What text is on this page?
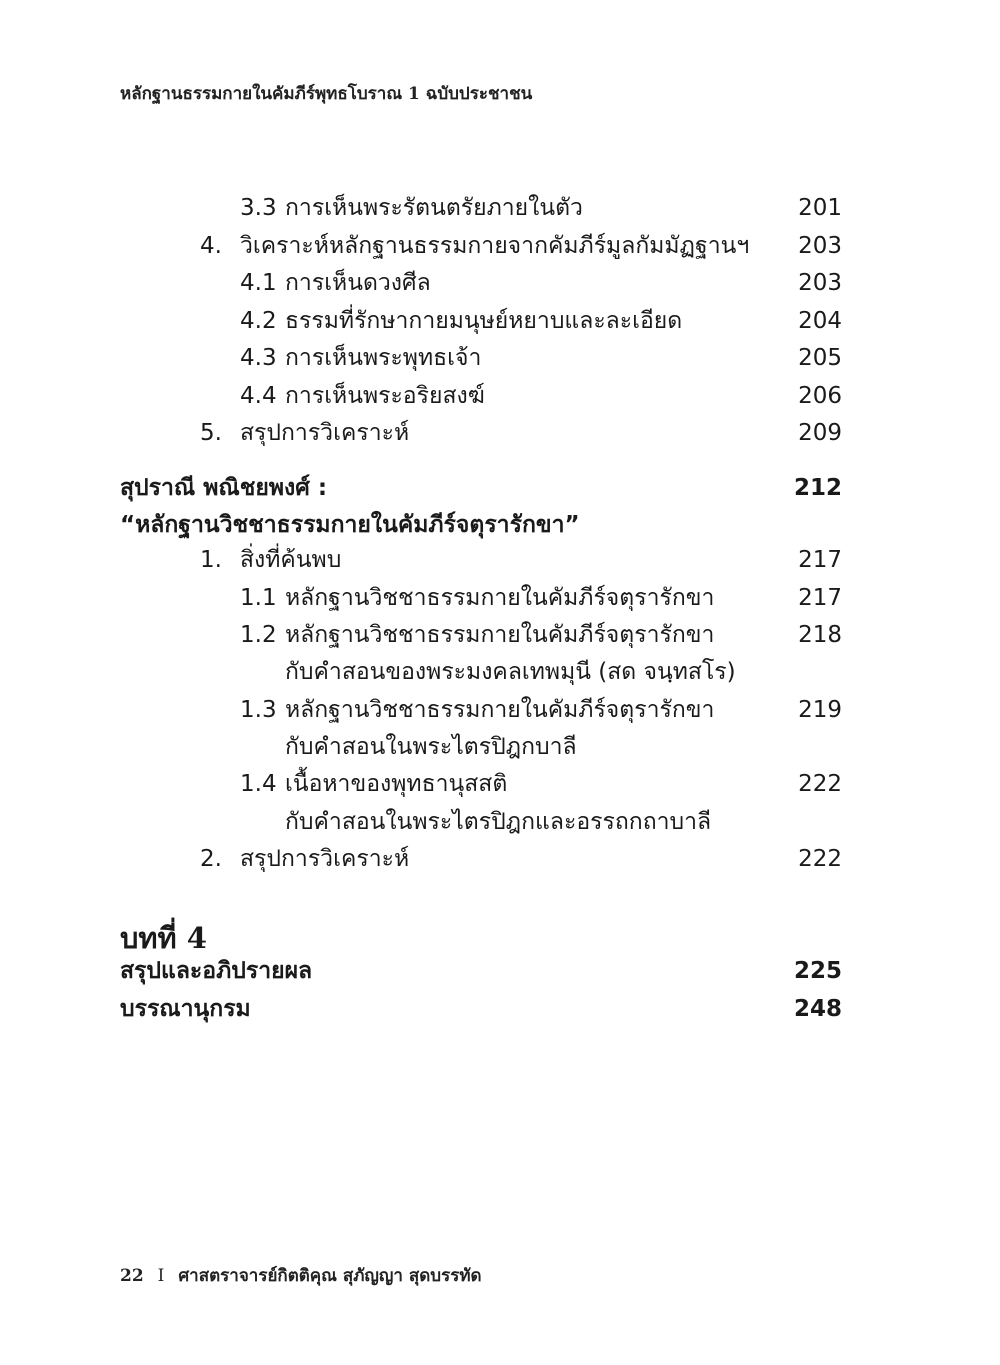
หลักฐานธรรมกายในคัมภีร์พุทธโบราณ 1 ฉบับประชาชน
3.3 การเห็นพระรัตนตรัยภายในตัว	201
4. วิเคราะห์หลักฐานธรรมกายจากคัมภีร์มูลกัมมัฏฐานฯ 203
4.1 การเห็นดวงศีล	203
4.2 ธรรมที่รักษากายมนุษย์หยาบและละเอียด	204
4.3 การเห็นพระพุทธเจ้า	205
4.4 การเห็นพระอริยสงฆ์	206
5. สรุปการวิเคราะห์	209
สุปราณี พณิชยพงศ์ :	212
“หลักฐานวิชชาธรรมกายในคัมภีร์จตุรารักขา”
1. สิ่งที่ค้นพบ	217
1.1 หลักฐานวิชชาธรรมกายในคัมภีร์จตุรารักขา	217
1.2 หลักฐานวิชชาธรรมกายในคัมภีร์จตุรารักขา	218
กับคำสอนของพระมงคลเทพมุนี (สด จนฺทสโร)
1.3 หลักฐานวิชชาธรรมกายในคัมภีร์จตุรารักขา	219
กับคำสอนในพระไตรปิฎกบาลี
1.4 เนื้อหาของพุทธานุสสติ	222
กับคำสอนในพระไตรปิฎกและอรรถกถาบาลี
2. สรุปการวิเคราะห์	222
สรุปและอภิปรายผล	225
บรรณานุกรม	248
บทที่ 4
22 I ศาสตราจารย์กิตติคุณ สุภัญญา สุดบรรทัด
